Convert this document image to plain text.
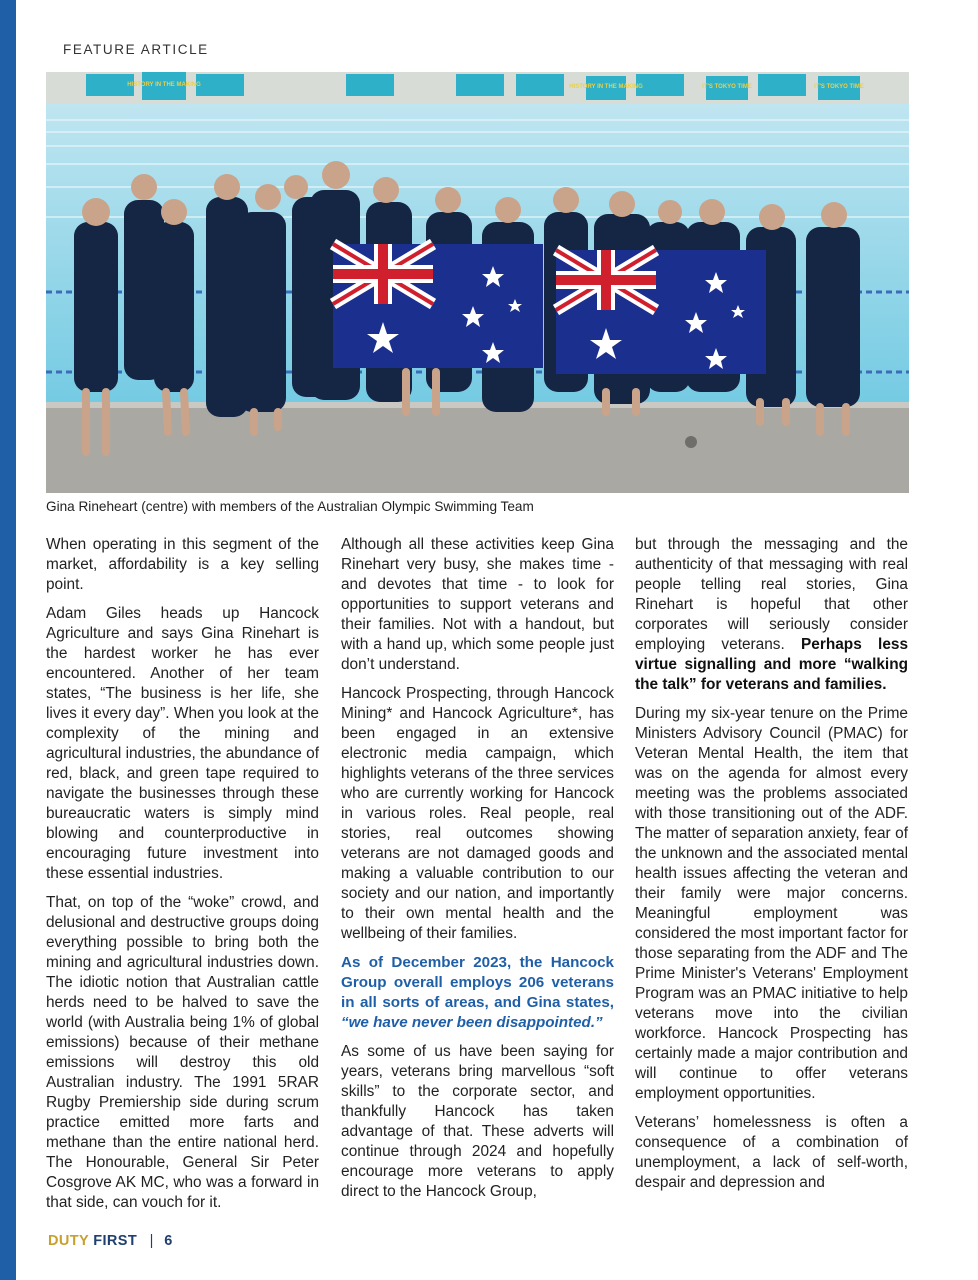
FEATURE ARTICLE
HISTORY IN THE MAKING	HISTORY IN THE MAKING	IT'S TOKYO TIME	IT'S TOKYO TIME
Gina Rineheart (centre) with members of the Australian Olympic Swimming Team

When operating in this segment of the market, affordability is a key selling point.

Adam Giles heads up Hancock Agriculture and says Gina Rinehart is the hardest worker he has ever encountered. Another of her team states, “The business is her life, she lives it every day”. When you look at the complexity of the mining and agricultural industries, the abundance of red, black, and green tape required to navigate the businesses through these bureaucratic waters is simply mind blowing and counterproductive in encouraging future investment into these essential industries.

That, on top of the “woke” crowd, and delusional and destructive groups doing everything possible to bring both the mining and agricultural industries down. The idiotic notion that Australian cattle herds need to be halved to save the world (with Australia being 1% of global emissions) because of their methane emissions will destroy this old Australian industry. The 1991 5RAR Rugby Premiership side during scrum practice emitted more farts and methane than the entire national herd. The Honourable, General Sir Peter Cosgrove AK MC, who was a forward in that side, can vouch for it.

Although all these activities keep Gina Rinehart very busy, she makes time - and devotes that time - to look for opportunities to support veterans and their families. Not with a handout, but with a hand up, which some people just don’t understand.

Hancock Prospecting, through Hancock Mining* and Hancock Agriculture*, has been engaged in an extensive electronic media campaign, which highlights veterans of the three services who are currently working for Hancock in various roles. Real people, real stories, real outcomes showing veterans are not damaged goods and making a valuable contribution to our society and our nation, and importantly to their own mental health and the wellbeing of their families.

As of December 2023, the Hancock Group overall employs 206 veterans in all sorts of areas, and Gina states, “we have never been disappointed.”

As some of us have been saying for years, veterans bring marvellous “soft skills” to the corporate sector, and thankfully Hancock has taken advantage of that. These adverts will continue through 2024 and hopefully encourage more veterans to apply direct to the Hancock Group,

but through the messaging and the authenticity of that messaging with real people telling real stories, Gina Rinehart is hopeful that other corporates will seriously consider employing veterans. Perhaps less virtue signalling and more “walking the talk” for veterans and families.

During my six-year tenure on the Prime Ministers Advisory Council (PMAC) for Veteran Mental Health, the item that was on the agenda for almost every meeting was the problems associated with those transitioning out of the ADF. The matter of separation anxiety, fear of the unknown and the associated mental health issues affecting the veteran and their family were major concerns. Meaningful employment was considered the most important factor for those separating from the ADF and The Prime Minister's Veterans' Employment Program was an PMAC initiative to help veterans move into the civilian workforce. Hancock Prospecting has certainly made a major contribution and will continue to offer veterans employment opportunities.

Veterans’ homelessness is often a consequence of a combination of unemployment, a lack of self-worth, despair and depression and

DUTY FIRST | 6
